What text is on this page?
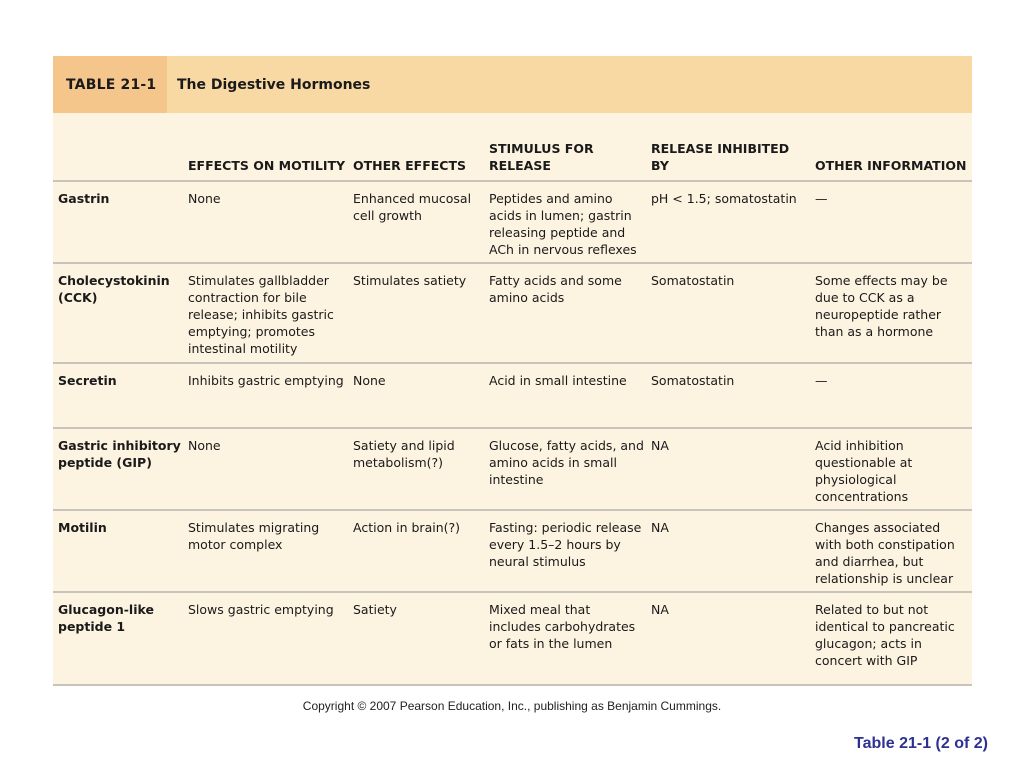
TABLE 21-1	The Digestive Hormones
	EFFECTS ON MOTILITY	OTHER EFFECTS	STIMULUS FOR RELEASE	RELEASE INHIBITED BY	OTHER INFORMATION
Gastrin	None	Enhanced mucosal cell growth	Peptides and amino acids in lumen; gastrin releasing peptide and ACh in nervous reflexes	pH < 1.5; somatostatin	—
Cholecystokinin (CCK)	Stimulates gallbladder contraction for bile release; inhibits gastric emptying; promotes intestinal motility	Stimulates satiety	Fatty acids and some amino acids	Somatostatin	Some effects may be due to CCK as a neuropeptide rather than as a hormone
Secretin	Inhibits gastric emptying	None	Acid in small intestine	Somatostatin	—
Gastric inhibitory peptide (GIP)	None	Satiety and lipid metabolism(?)	Glucose, fatty acids, and amino acids in small intestine	NA	Acid inhibition questionable at physiological concentrations
Motilin	Stimulates migrating motor complex	Action in brain(?)	Fasting: periodic release every 1.5–2 hours by neural stimulus	NA	Changes associated with both constipation and diarrhea, but relationship is unclear
Glucagon-like peptide 1	Slows gastric emptying	Satiety	Mixed meal that includes carbohydrates or fats in the lumen	NA	Related to but not identical to pancreatic glucagon; acts in concert with GIP
Copyright © 2007 Pearson Education, Inc., publishing as Benjamin Cummings.
Table 21-1 (2 of 2)
